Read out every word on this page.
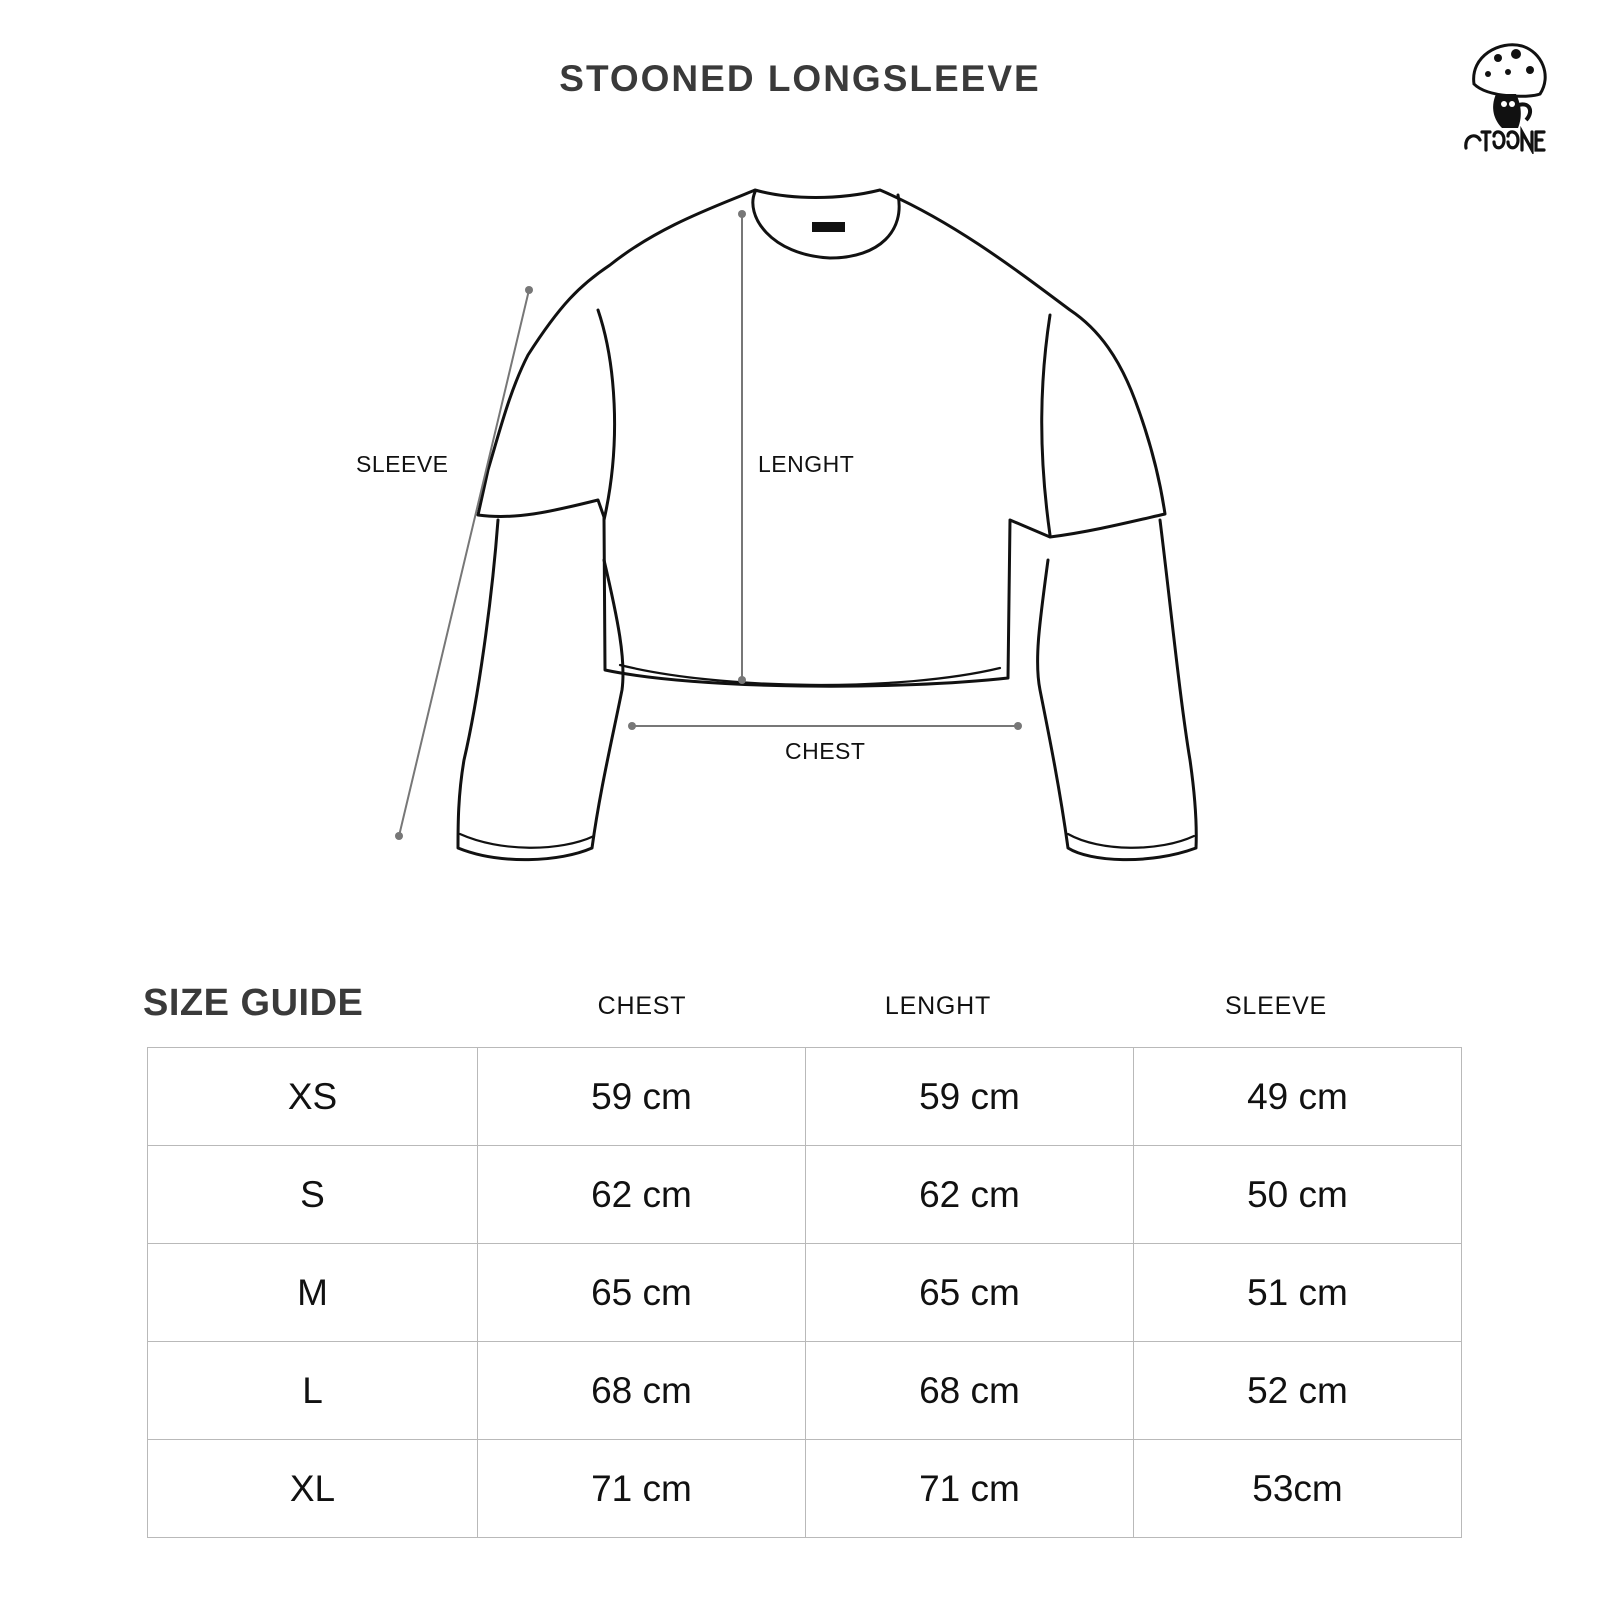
STOONED LONGSLEEVE
SLEEVE	LENGHT
CHEST
SIZE GUIDE	CHEST	LENGHT	SLEEVE
XS	59 cm	59 cm	49 cm
S	62 cm	62 cm	50 cm
M	65 cm	65 cm	51 cm
L	68 cm	68 cm	52 cm
XL	71 cm	71 cm	53cm
